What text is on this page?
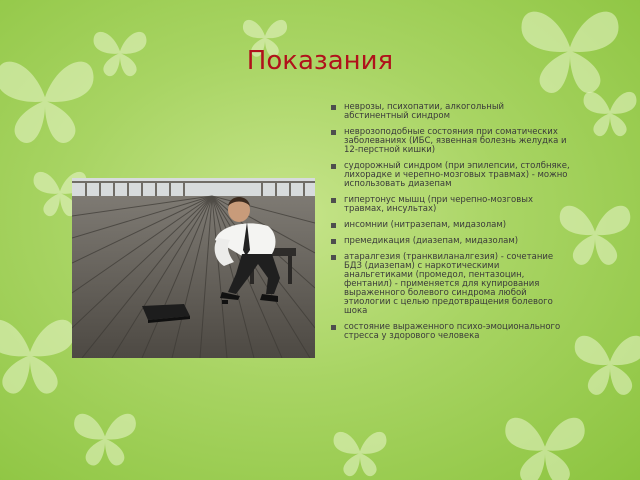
Показания
неврозы, психопатии, алкогольный абстинентный синдром
неврозоподобные состояния при соматических заболеваниях (ИБС, язвенная болезнь желудка и 12-перстной кишки)
судорожный синдром (при эпилепсии, столбняке, лихорадке и черепно-мозговых травмах) - можно использовать диазепам
гипертонус мышц (при черепно-мозговых травмах, инсультах)
инсомнии (нитразепам, мидазолам)
премедикация (диазепам, мидазолам)
атаралгезия (транквиланалгезия) - сочетание БДЗ (диазепам) с наркотическими анальгетиками (промедол, пентазоцин, фентанил) - применяется для купирования выраженного болевого синдрома любой этиологии с целью предотвращения болевого шока
состояние выраженного психо-эмоционального стресса у здорового человека
